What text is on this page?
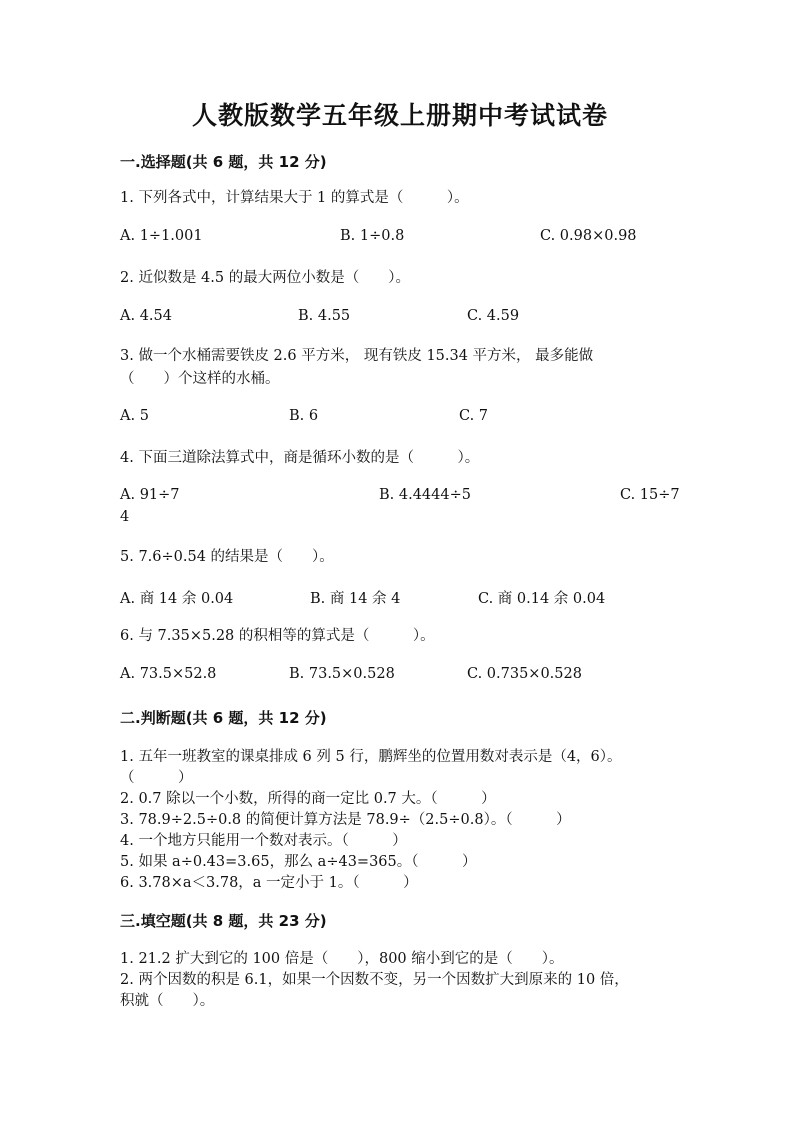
人教版数学五年级上册期中考试试卷
一.选择题(共 6 题，共 12 分)
1. 下列各式中，计算结果大于 1 的算式是（　　　）。
A. 1÷1.001	B. 1÷0.8	C. 0.98×0.98
2. 近似数是 4.5 的最大两位小数是（　　）。
A. 4.54	B. 4.55	C. 4.59
3. 做一个水桶需要铁皮 2.6 平方米， 现有铁皮 15.34 平方米， 最多能做
（　　）个这样的水桶。
A. 5	B. 6	C. 7
4. 下面三道除法算式中，商是循环小数的是（　　　）。
A. 91÷7	B. 4.4444÷5	C. 15÷7
4
5. 7.6÷0.54 的结果是（　　）。
A. 商 14 余 0.04	B. 商 14 余 4	C. 商 0.14 余 0.04
6. 与 7.35×5.28 的积相等的算式是（　　　）。
A. 73.5×52.8	B. 73.5×0.528	C. 0.735×0.528
二.判断题(共 6 题，共 12 分)
1. 五年一班教室的课桌排成 6 列 5 行，鹏辉坐的位置用数对表示是（4，6）。
（　　　）
2. 0.7 除以一个小数，所得的商一定比 0.7 大。（　　　）
3. 78.9÷2.5÷0.8 的简便计算方法是 78.9÷（2.5÷0.8）。（　　　）
4. 一个地方只能用一个数对表示。（　　　）
5. 如果 a÷0.43=3.65，那么 a÷43=365。（　　　）
6. 3.78×a＜3.78，a 一定小于 1。（　　　）
三.填空题(共 8 题，共 23 分)
1. 21.2 扩大到它的 100 倍是（　　），800 缩小到它的是（　　）。
2. 两个因数的积是 6.1，如果一个因数不变，另一个因数扩大到原来的 10 倍，
积就（　　）。
